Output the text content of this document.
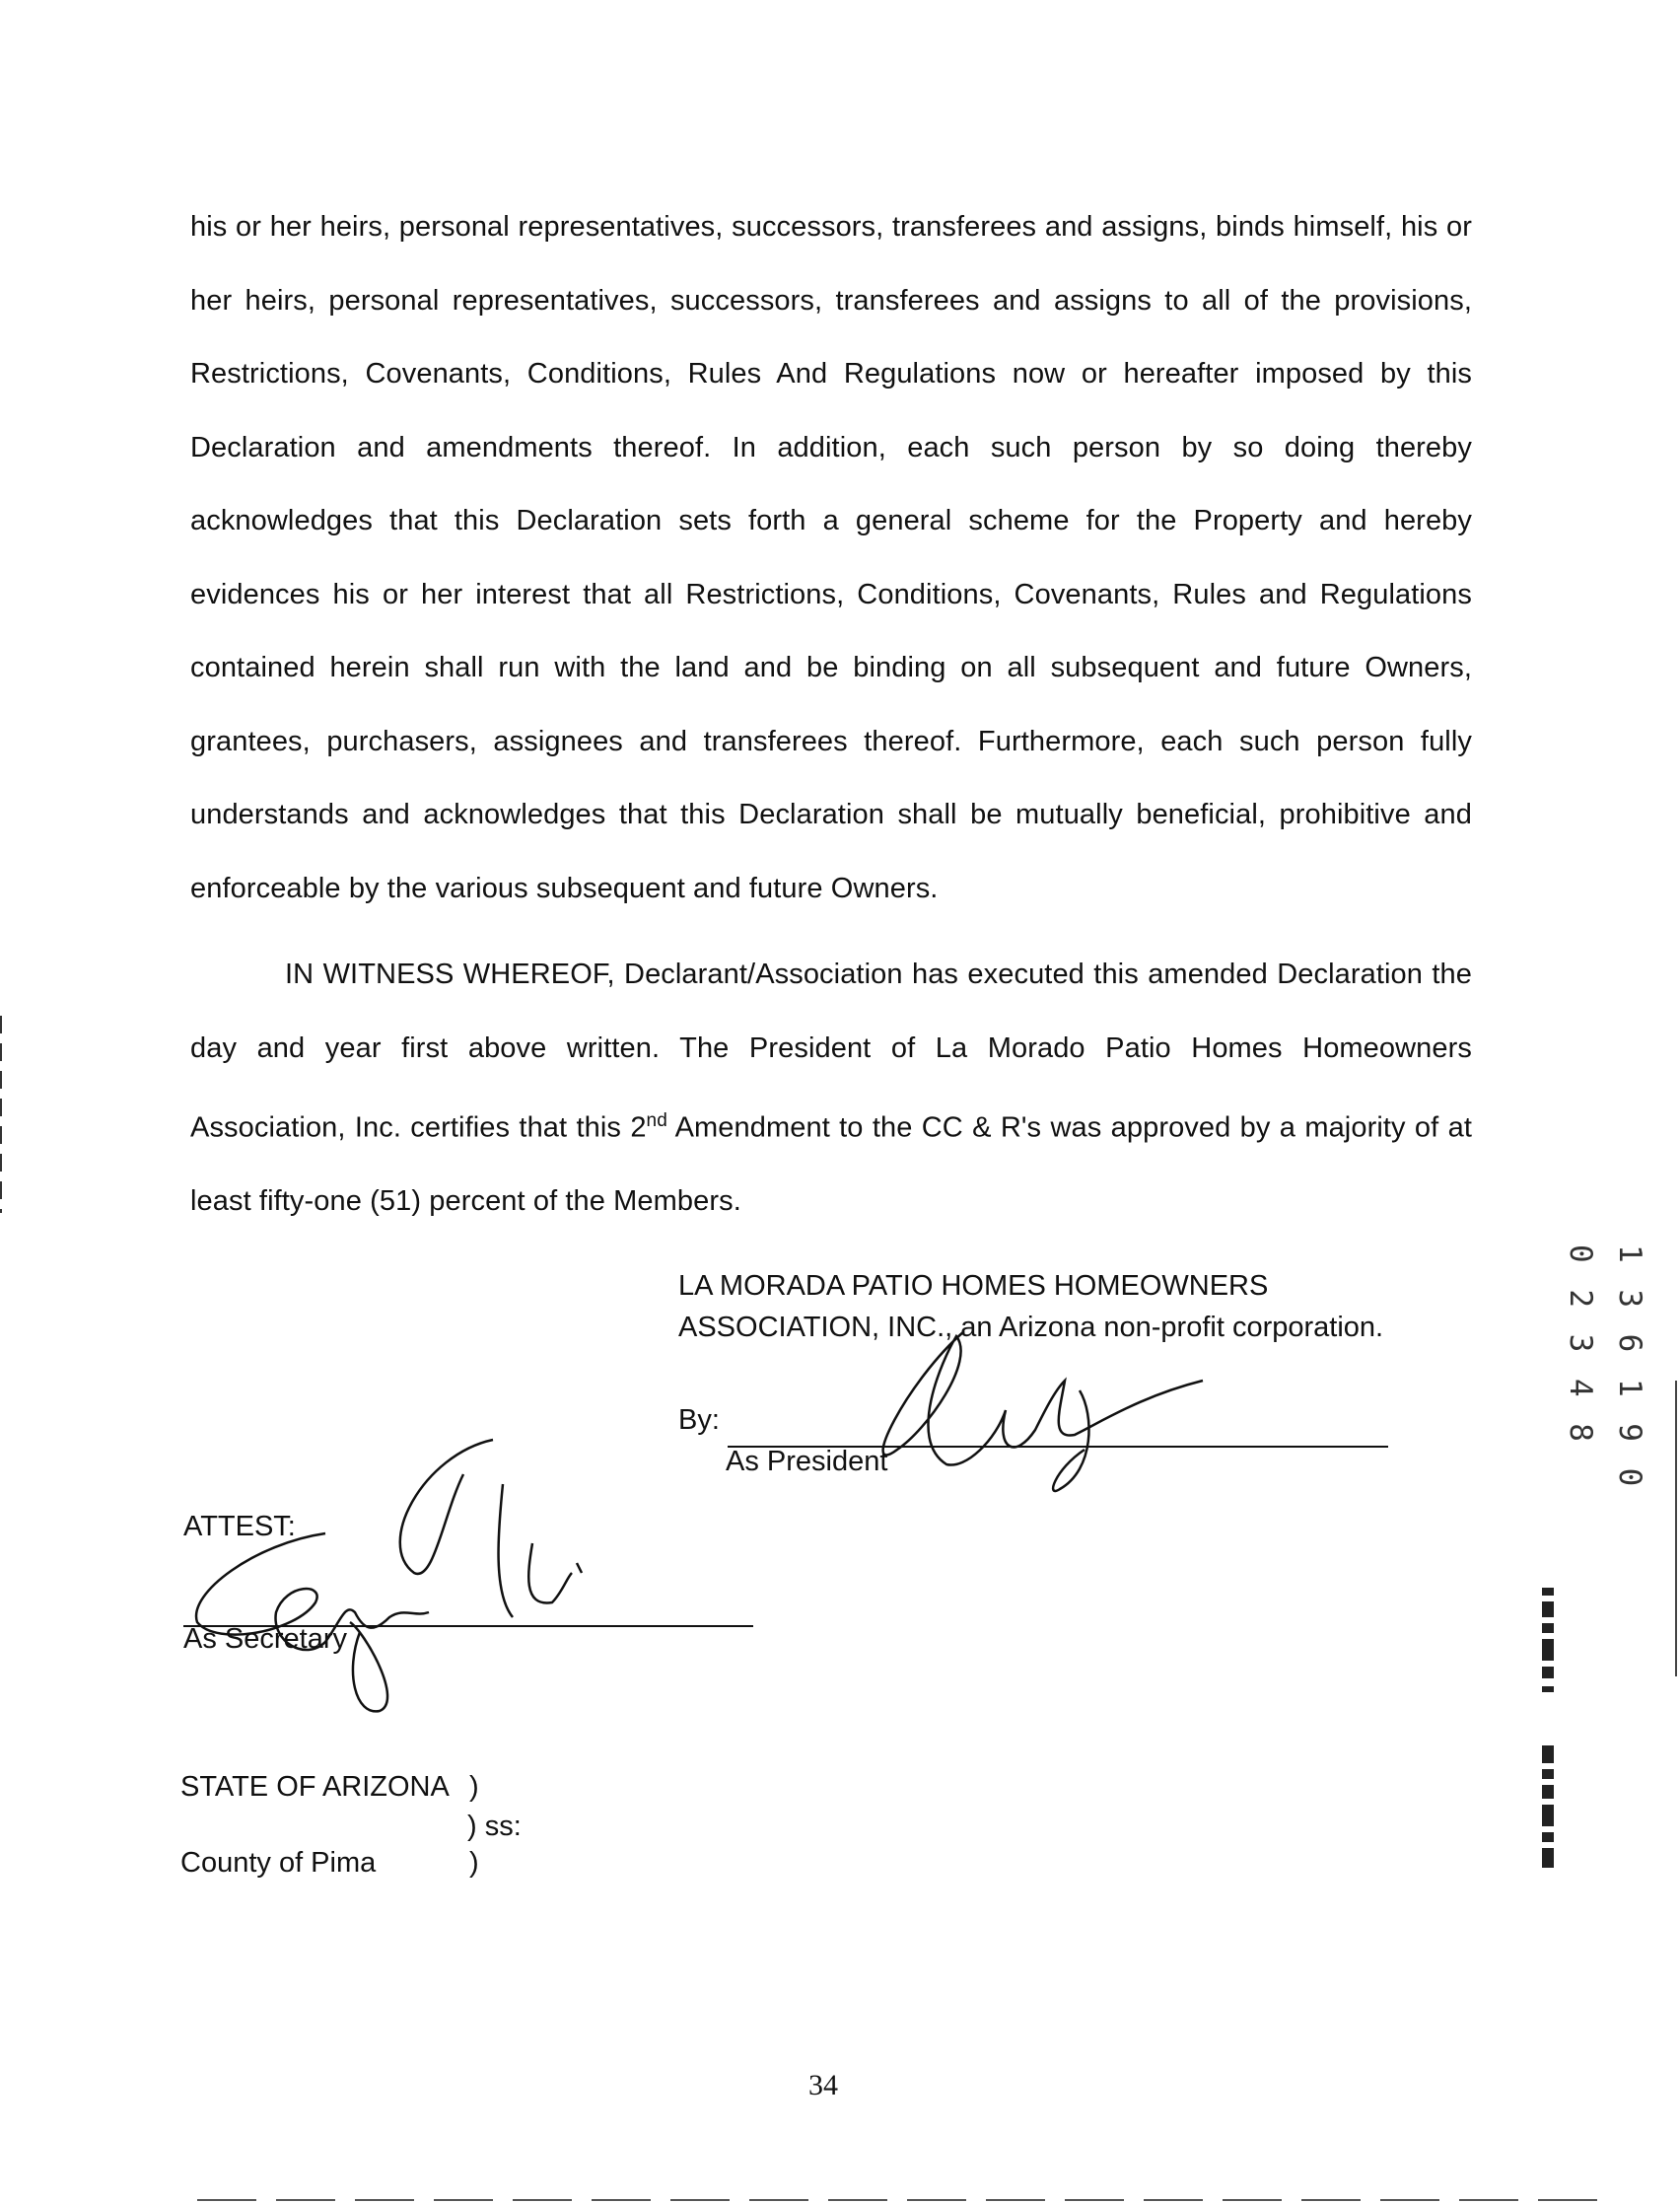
his or her heirs, personal representatives, successors, transferees and assigns, binds himself, his or her heirs, personal representatives, successors, transferees and assigns to all of the provisions, Restrictions, Covenants, Conditions, Rules And Regulations now or hereafter imposed by this Declaration and amendments thereof. In addition, each such person by so doing thereby acknowledges that this Declaration sets forth a general scheme for the Property and hereby evidences his or her interest that all Restrictions, Conditions, Covenants, Rules and Regulations contained herein shall run with the land and be binding on all subsequent and future Owners, grantees, purchasers, assignees and transferees thereof. Furthermore, each such person fully understands and acknowledges that this Declaration shall be mutually beneficial, prohibitive and enforceable by the various subsequent and future Owners.

IN WITNESS WHEREOF, Declarant/Association has executed this amended Declaration the day and year first above written. The President of La Morado Patio Homes Homeowners Association, Inc. certifies that this 2nd Amendment to the CC & R's was approved by a majority of at least fifty-one (51) percent of the Members.

LA MORADA PATIO HOMES HOMEOWNERS
ASSOCIATION, INC., an Arizona non-profit corporation.
By:
As President
ATTEST:
As Secretary
STATE OF ARIZONA )
) ss:
County of Pima	)
34
1 3 6 1 9 0 0 2 3 4 8
